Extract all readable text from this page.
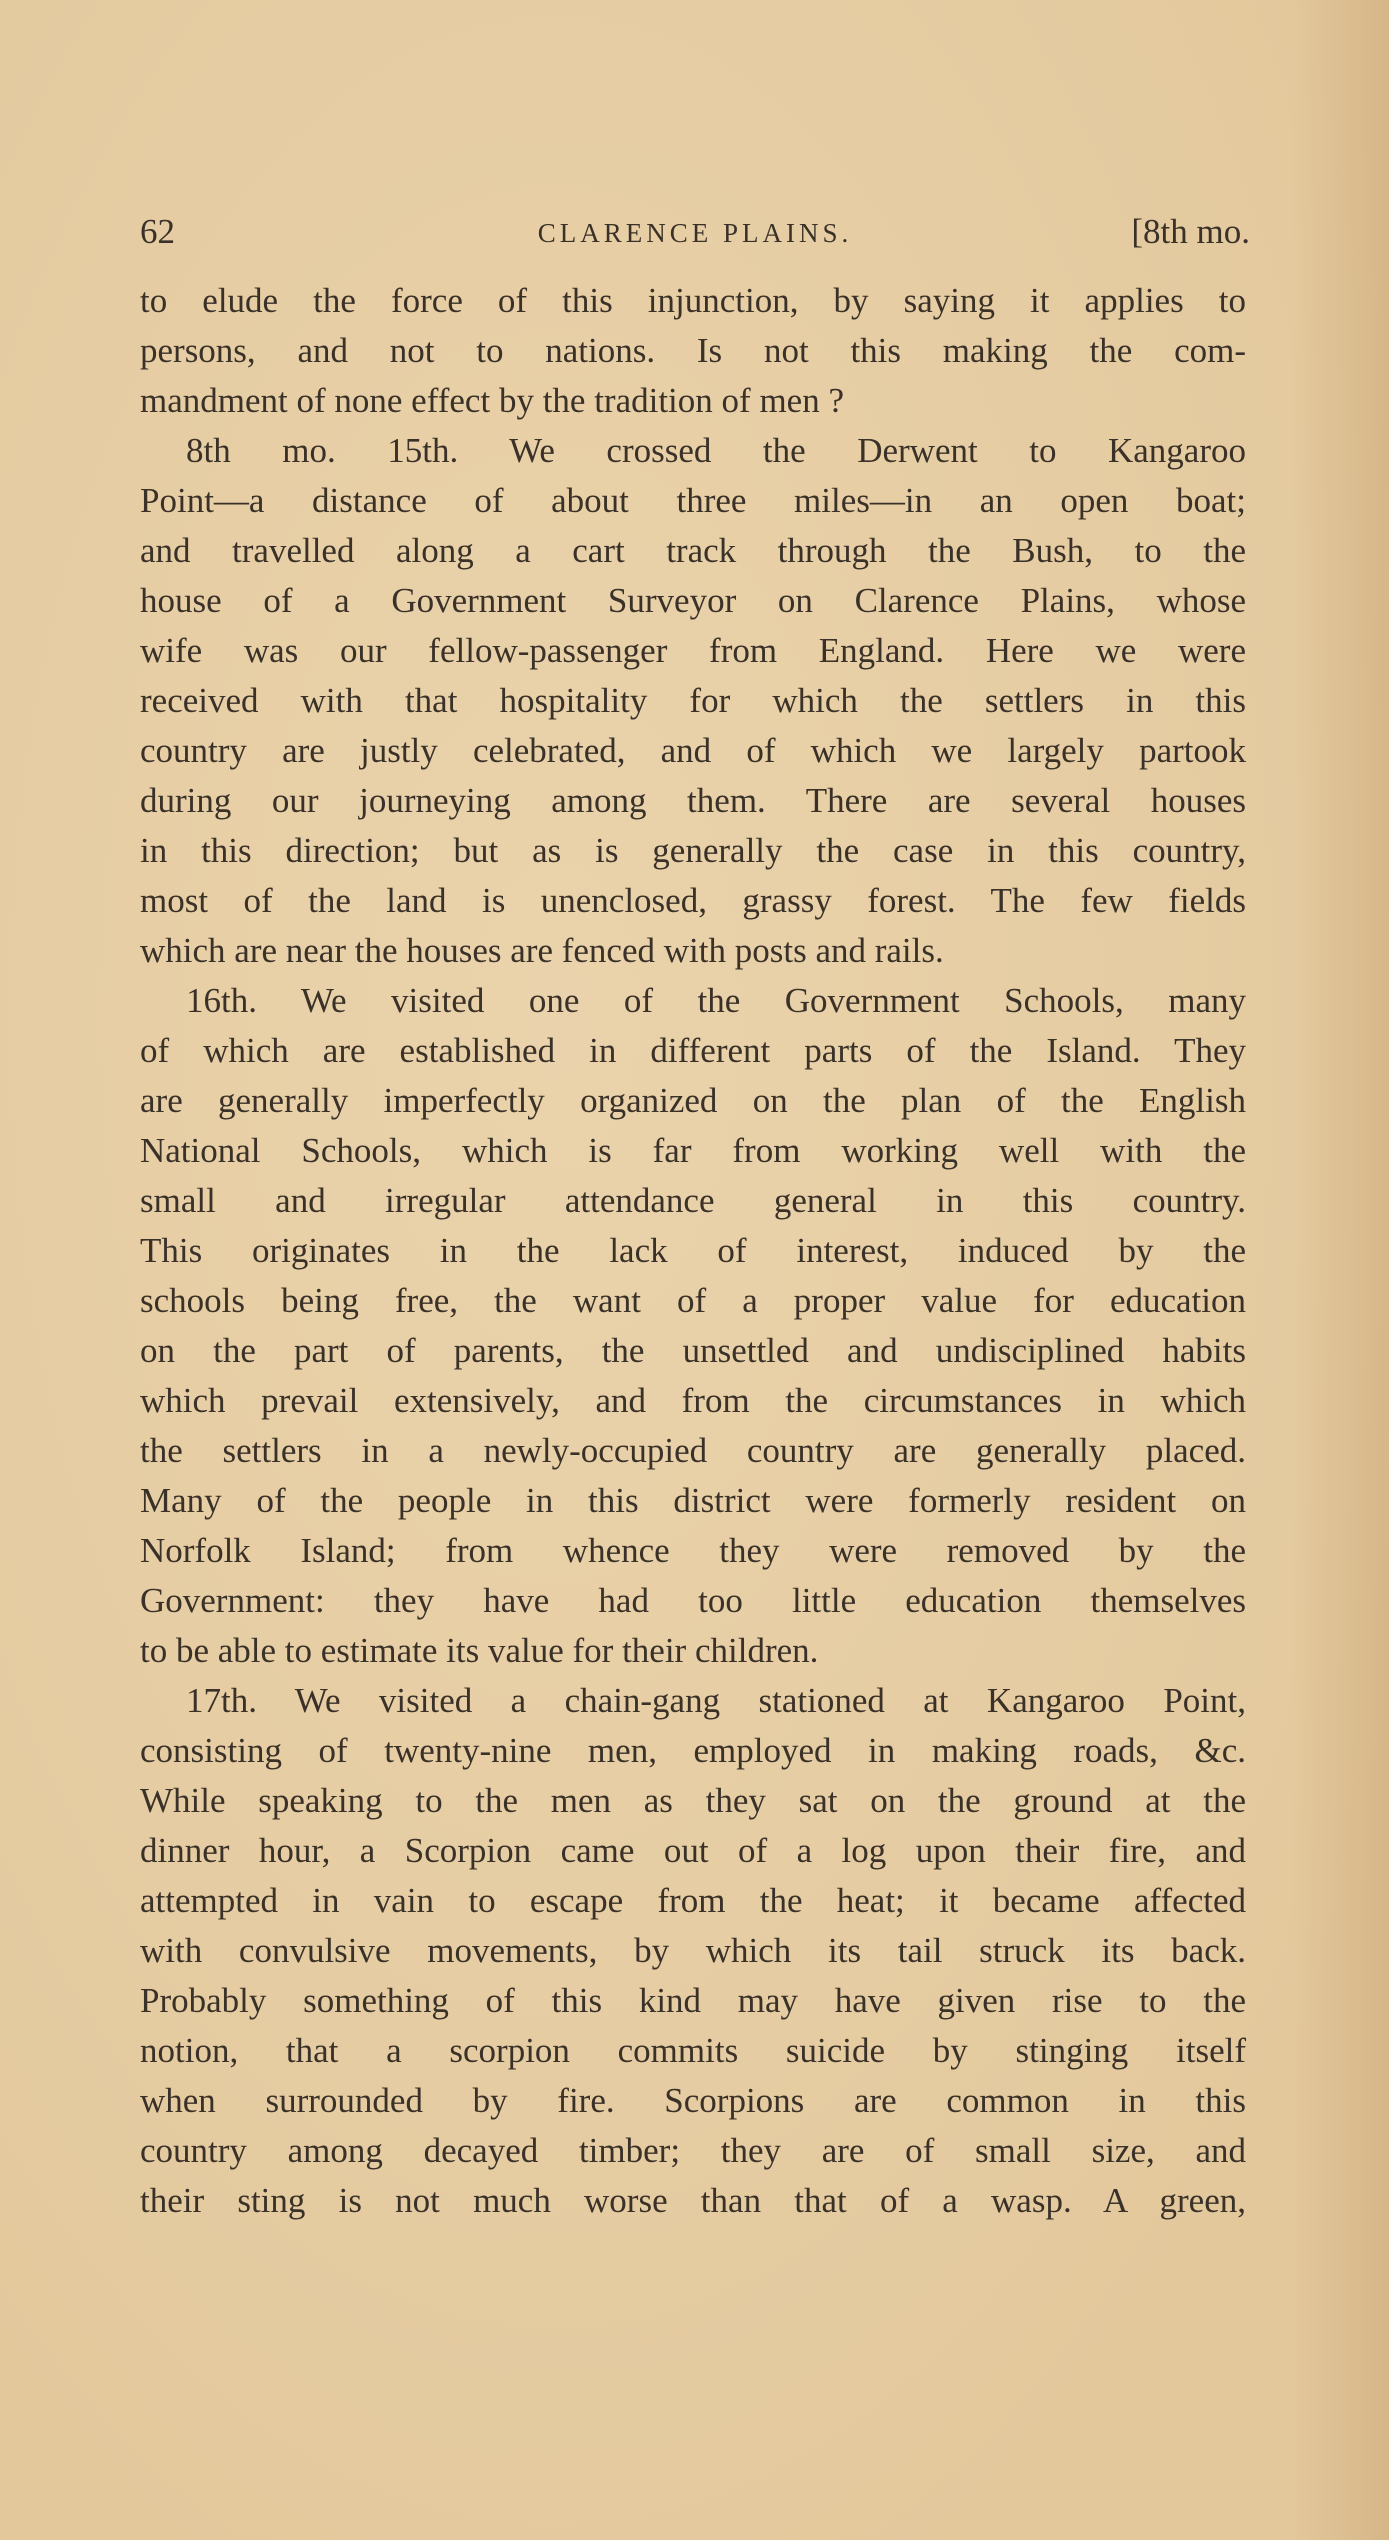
62	CLARENCE PLAINS.	[8th mo.
to elude the force of this injunction, by saying it applies to
persons, and not to nations. Is not this making the com-
mandment of none effect by the tradition of men ?
8th mo. 15th. We crossed the Derwent to Kangaroo
Point—a distance of about three miles—in an open boat;
and travelled along a cart track through the Bush, to the
house of a Government Surveyor on Clarence Plains, whose
wife was our fellow-passenger from England. Here we were
received with that hospitality for which the settlers in this
country are justly celebrated, and of which we largely partook
during our journeying among them. There are several houses
in this direction; but as is generally the case in this country,
most of the land is unenclosed, grassy forest. The few fields
which are near the houses are fenced with posts and rails.
16th. We visited one of the Government Schools, many
of which are established in different parts of the Island. They
are generally imperfectly organized on the plan of the English
National Schools, which is far from working well with the
small and irregular attendance general in this country.
This originates in the lack of interest, induced by the
schools being free, the want of a proper value for education
on the part of parents, the unsettled and undisciplined habits
which prevail extensively, and from the circumstances in which
the settlers in a newly-occupied country are generally placed.
Many of the people in this district were formerly resident on
Norfolk Island; from whence they were removed by the
Government: they have had too little education themselves
to be able to estimate its value for their children.
17th. We visited a chain-gang stationed at Kangaroo Point,
consisting of twenty-nine men, employed in making roads, &c.
While speaking to the men as they sat on the ground at the
dinner hour, a Scorpion came out of a log upon their fire, and
attempted in vain to escape from the heat; it became affected
with convulsive movements, by which its tail struck its back.
Probably something of this kind may have given rise to the
notion, that a scorpion commits suicide by stinging itself
when surrounded by fire. Scorpions are common in this
country among decayed timber; they are of small size, and
their sting is not much worse than that of a wasp. A green,
